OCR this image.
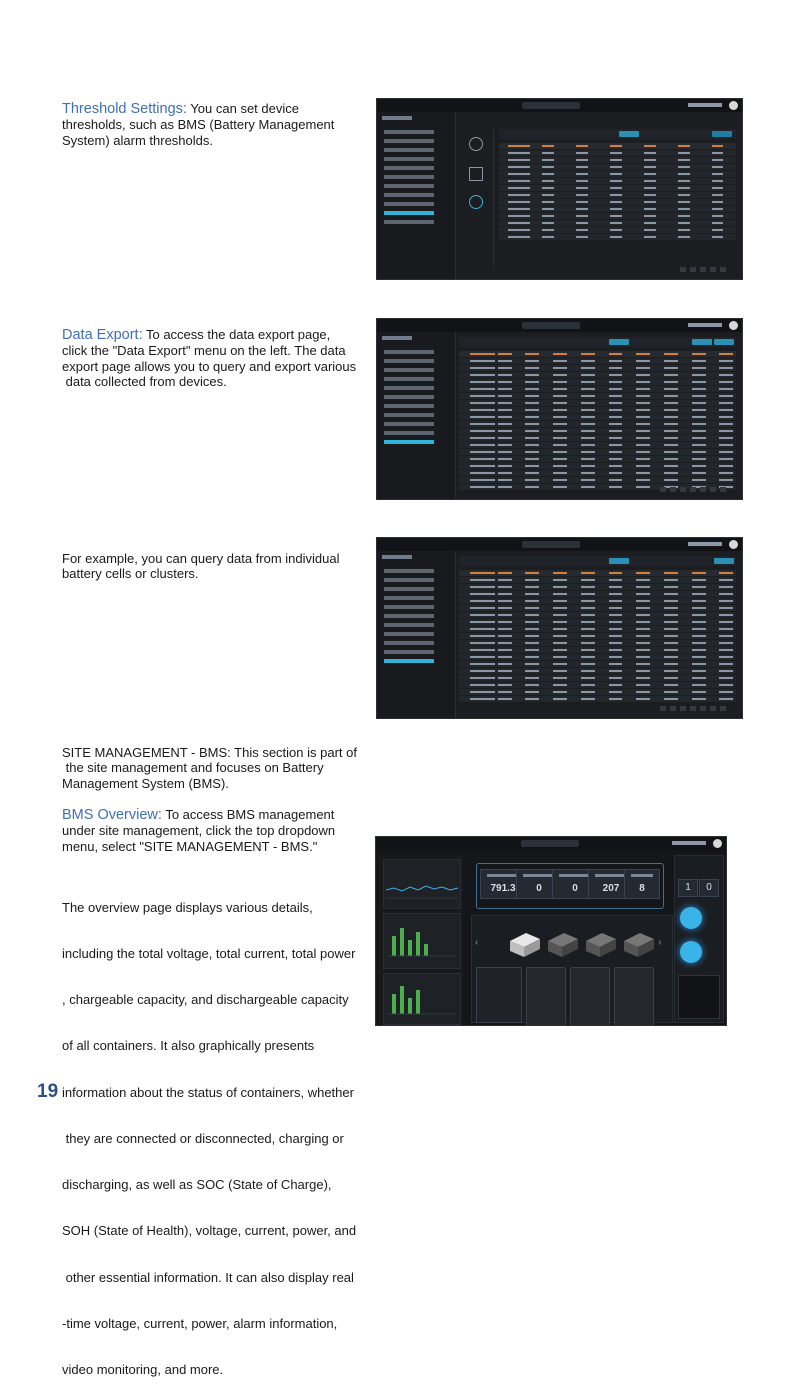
Threshold Settings: You can set device

thresholds, such as BMS (Battery Management

System) alarm thresholds.

Data Export: To access the data export page,

click the "Data Export" menu on the left. The data

export page allows you to query and export various

data collected from devices.

For example, you can query data from individual

battery cells or clusters.

SITE MANAGEMENT - BMS: This section is part of

the site management and focuses on Battery

Management System (BMS).

BMS Overview: To access BMS management

under site management, click the top dropdown

menu, select "SITE MANAGEMENT - BMS."

The overview page displays various details,

including the total voltage, total current, total power

, chargeable capacity, and dischargeable capacity

of all containers. It also graphically presents

information about the status of containers, whether

they are connected or disconnected, charging or

discharging, as well as SOC (State of Charge),

SOH (State of Health), voltage, current, power, and

other essential information. It can also display real

-time voltage, current, power, alarm information,

video monitoring, and more.

19
791.3	0	0	207	8
‹	›
1	0
